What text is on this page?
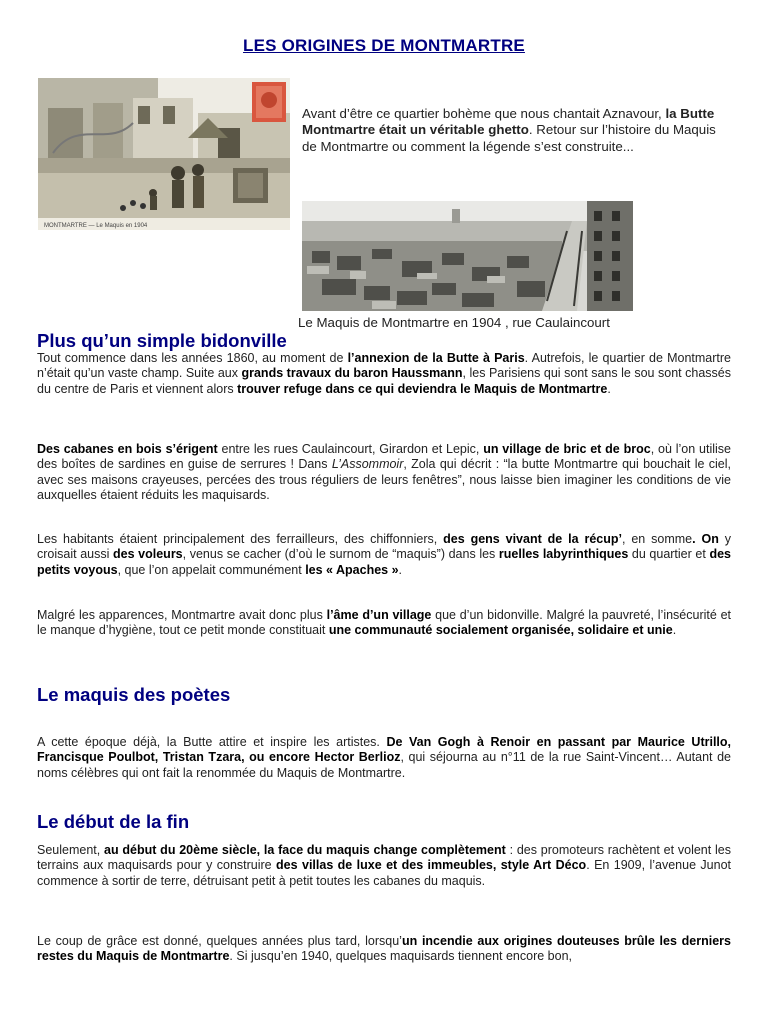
LES ORIGINES DE MONTMARTRE
MONTMARTRE — Le Maquis en 1904
Avant d’être ce quartier bohème que nous chantait Aznavour, la Butte Montmartre était un véritable ghetto. Retour sur l’histoire du Maquis de Montmartre ou comment la légende s’est construite...
Le Maquis de Montmartre en 1904 , rue Caulaincourt
Plus qu’un simple bidonville
Tout commence dans les années 1860, au moment de l’annexion de la Butte à Paris. Autrefois, le quartier de Montmartre n’était qu’un vaste champ. Suite aux grands travaux du baron Haussmann, les Parisiens qui sont sans le sou sont chassés du centre de Paris et viennent alors trouver refuge dans ce qui deviendra le Maquis de Montmartre.
Des cabanes en bois s’érigent entre les rues Caulaincourt, Girardon et Lepic, un village de bric et de broc, où l’on utilise des boîtes de sardines en guise de serrures ! Dans L’Assommoir, Zola qui décrit : “la butte Montmartre qui bouchait le ciel, avec ses maisons crayeuses, percées des trous réguliers de leurs fenêtres”, nous laisse bien imaginer les conditions de vie auxquelles étaient réduits les maquisards.
Les habitants étaient principalement des ferrailleurs, des chiffonniers, des gens vivant de la récup’, en somme. On y croisait aussi des voleurs, venus se cacher (d’où le surnom de “maquis”) dans les ruelles labyrinthiques du quartier et des petits voyous, que l’on appelait communément les « Apaches ».
Malgré les apparences, Montmartre avait donc plus l’âme d’un village que d’un bidonville. Malgré la pauvreté, l’insécurité et le manque d’hygiène, tout ce petit monde constituait une communauté socialement organisée, solidaire et unie.
Le maquis des poètes
A cette époque déjà, la Butte attire et inspire les artistes. De Van Gogh à Renoir en passant par Maurice Utrillo, Francisque Poulbot, Tristan Tzara, ou encore Hector Berlioz, qui séjourna au n°11 de la rue Saint-Vincent… Autant de noms célèbres qui ont fait la renommée du Maquis de Montmartre.
Le début de la fin
Seulement, au début du 20ème siècle, la face du maquis change complètement : des promoteurs rachètent et volent les terrains aux maquisards pour y construire des villas de luxe et des immeubles, style Art Déco. En 1909, l’avenue Junot commence à sortir de terre, détruisant petit à petit toutes les cabanes du maquis.
Le coup de grâce est donné, quelques années plus tard, lorsqu’un incendie aux origines douteuses brûle les derniers restes du Maquis de Montmartre. Si jusqu’en 1940, quelques maquisards tiennent encore bon,
